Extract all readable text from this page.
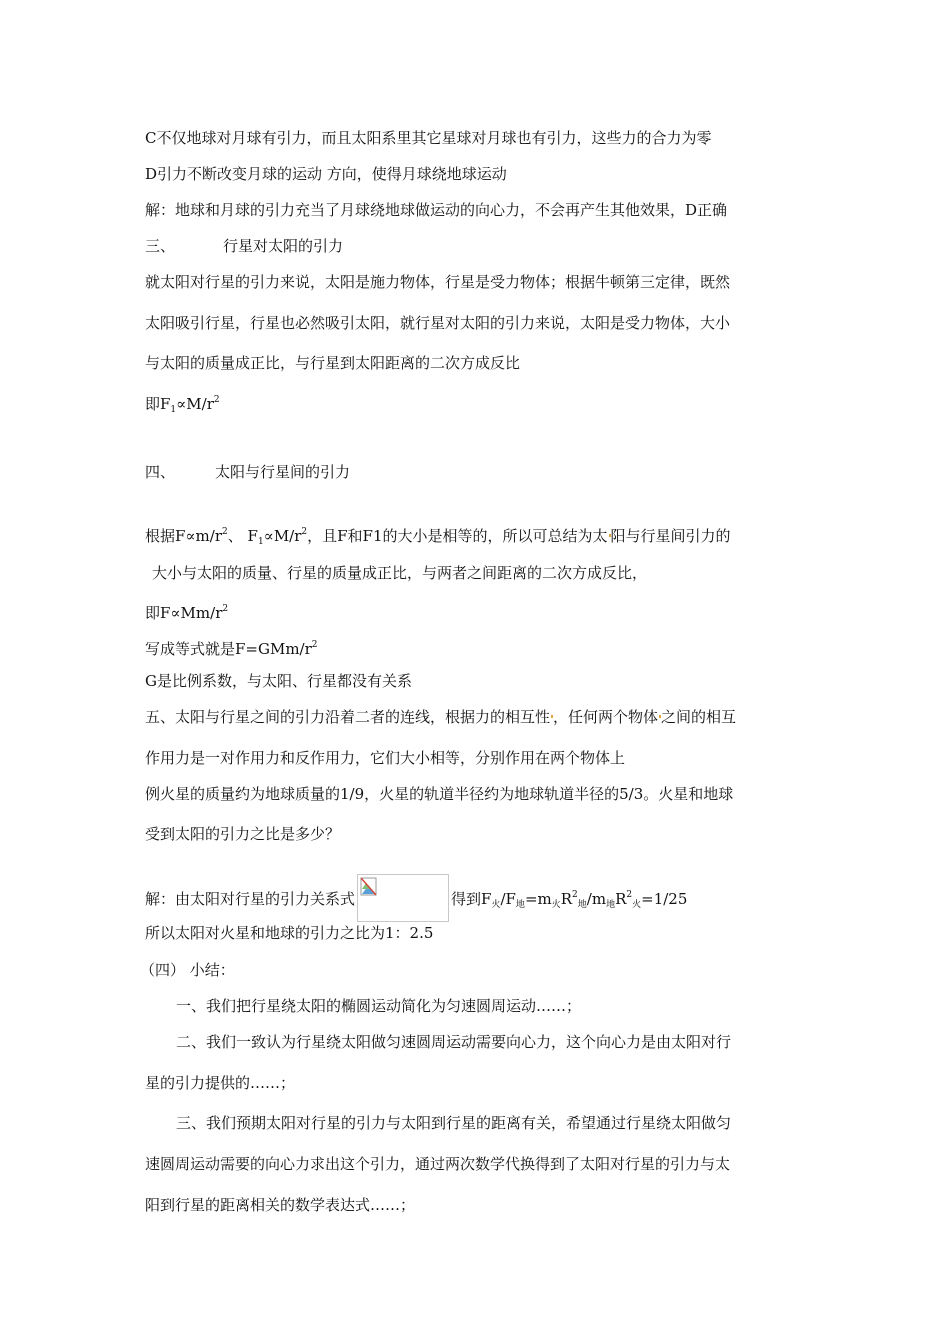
C不仅地球对月球有引力，而且太阳系里其它星球对月球也有引力，这些力的合力为零
D引力不断改变月球的运动 方向，使得月球绕地球运动
解：地球和月球的引力充当了月球绕地球做运动的向心力，不会再产生其他效果，D正确
三、	行星对太阳的引力
就太阳对行星的引力来说，太阳是施力物体，行星是受力物体；根据牛顿第三定律，既然
太阳吸引行星，行星也必然吸引太阳，就行星对太阳的引力来说，太阳是受力物体，大小
与太阳的质量成正比，与行星到太阳距离的二次方成反比
即$F_1\propto M/r^2$
四、	太阳与行星间的引力
根据$F\propto m/r^2$、 $F_1\propto M/r^2$，且F和F1的大小是相等的，所以可总结为太 阳与行星间引力的
大小与太阳的质量、行星的质量成正比，与两者之间距离的二次方成反比，
即$F\propto Mm/r^2$
写成等式就是$F=GMm/r^2$
G是比例系数，与太阳、行星都没有关系
五、太阳与行星之间的引力沿着二者的连线，根据力的相互性 ，任何两个物体 之间的相互
作用力是一对作用力和反作用力，它们大小相等，分别作用在两个物体上
例火星的质量约为地球质量的1/9，火星的轨道半径约为地球轨道半径的5/3。火星和地球
受到太阳的引力之比是多少？
解：由太阳对行星的引力关系式	得到$F_火/F_地=m_火R^2_地/m_地R^2_火=1/25$
所以太阳对火星和地球的引力之比为1：2.5
（四） 小结：
一、我们把行星绕太阳的椭圆运动简化为匀速圆周运动……；
二、我们一致认为行星绕太阳做匀速圆周运动需要向心力，这个向心力是由太阳对行
星的引力提供的……；
三、我们预期太阳对行星的引力与太阳到行星的距离有关，希望通过行星绕太阳做匀
速圆周运动需要的向心力求出这个引力，通过两次数学代换得到了太阳对行星的引力与太
阳到行星的距离相关的数学表达式……；
